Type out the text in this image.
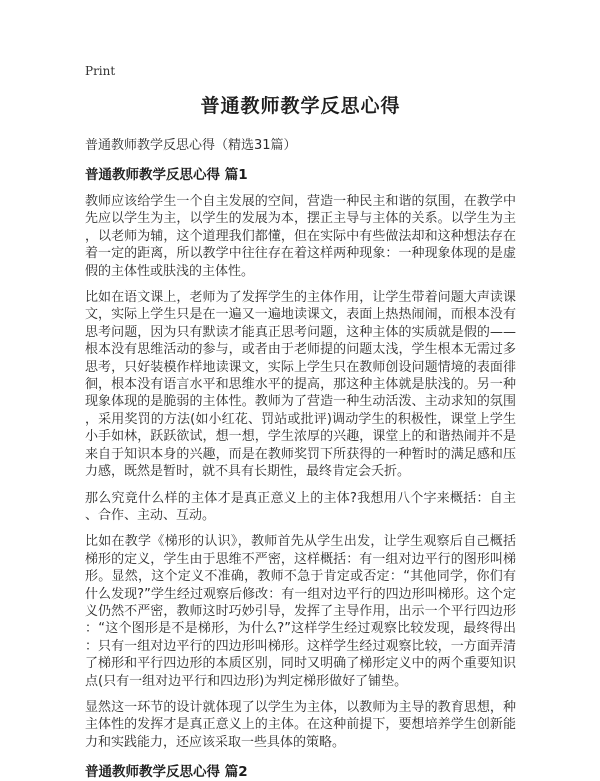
Print
普通教师教学反思心得

普通教师教学反思心得（精选31篇）

普通教师教学反思心得 篇1

教师应该给学生一个自主发展的空间，营造一种民主和谐的氛围，在教学中先应以学生为主，以学生的发展为本，摆正主导与主体的关系。以学生为主，以老师为辅，这个道理我们都懂，但在实际中有些做法却和这种想法存在着一定的距离，所以教学中往往存在着这样两种现象：一种现象体现的是虚假的主体性或肤浅的主体性。

比如在语文课上，老师为了发挥学生的主体作用，让学生带着问题大声读课文，实际上学生只是在一遍又一遍地读课文，表面上热热闹闹，而根本没有思考问题，因为只有默读才能真正思考问题，这种主体的实质就是假的——根本没有思维活动的参与，或者由于老师提的问题太浅，学生根本无需过多思考，只好装模作样地读课文，实际上学生只在教师创设问题情境的表面徘徊，根本没有语言水平和思维水平的提高，那这种主体就是肤浅的。另一种现象体现的是脆弱的主体性。教师为了营造一种生动活泼、主动求知的氛围，采用奖罚的方法(如小红花、罚站或批评)调动学生的积极性，课堂上学生小手如林，跃跃欲试，想一想，学生浓厚的兴趣，课堂上的和谐热闹并不是来自于知识本身的兴趣，而是在教师奖罚下所获得的一种暂时的满足感和压力感，既然是暂时，就不具有长期性，最终肯定会夭折。

那么究竟什么样的主体才是真正意义上的主体?我想用八个字来概括：自主、合作、主动、互动。

比如在教学《梯形的认识》，教师首先从学生出发，让学生观察后自己概括梯形的定义，学生由于思维不严密，这样概括：有一组对边平行的图形叫梯形。显然，这个定义不准确，教师不急于肯定或否定：“其他同学，你们有什么发现?”学生经过观察后修改：有一组对边平行的四边形叫梯形。这个定义仍然不严密，教师这时巧妙引导，发挥了主导作用，出示一个平行四边形：“这个图形是不是梯形，为什么?”这样学生经过观察比较发现，最终得出：只有一组对边平行的四边形叫梯形。这样学生经过观察比较，一方面弄清了梯形和平行四边形的本质区别，同时又明确了梯形定义中的两个重要知识点(只有一组对边平行和四边形)为判定梯形做好了铺垫。

显然这一环节的设计就体现了以学生为主体，以教师为主导的教育思想，种主体性的发挥才是真正意义上的主体。在这种前提下，要想培养学生创新能力和实践能力，还应该采取一些具体的策略。

普通教师教学反思心得 篇2
